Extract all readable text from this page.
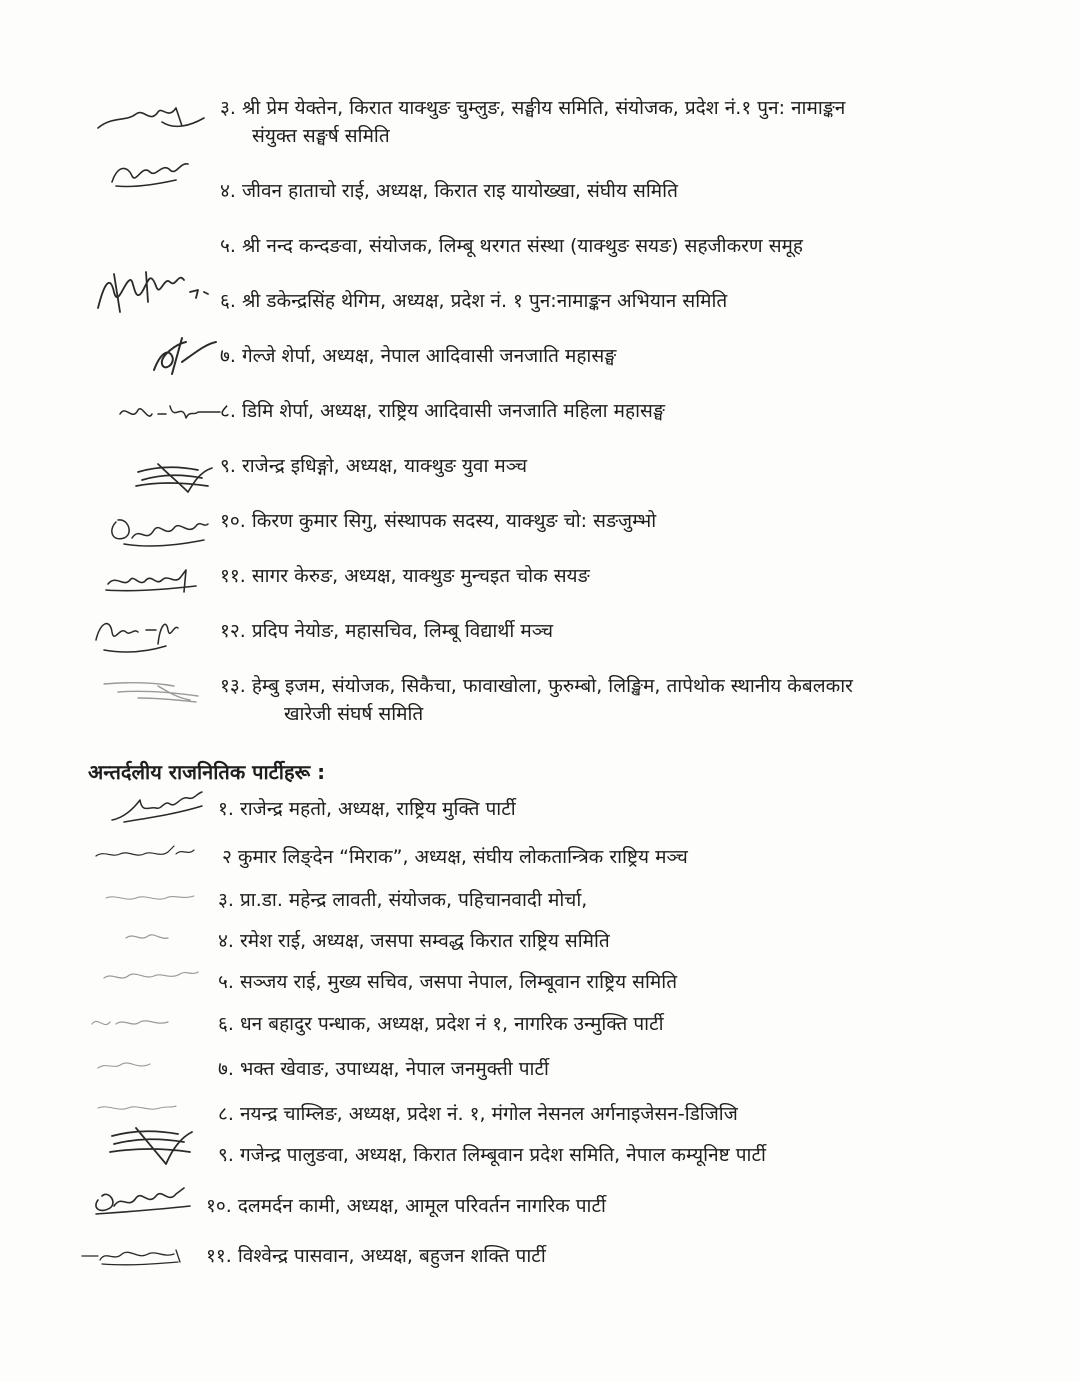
३. श्री प्रेम येक्तेन, किरात याक्थुङ चुम्लुङ, सङ्घीय समिति, संयोजक, प्रदेश नं.१ पुन: नामाङ्कन
संयुक्त सङ्घर्ष समिति
४. जीवन हाताचो राई, अध्यक्ष, किरात राइ यायोख्खा, संघीय समिति
५. श्री नन्द कन्दङवा, संयोजक, लिम्बू थरगत संस्था (याक्थुङ सयङ) सहजीकरण समूह
६. श्री डकेन्द्रसिंह थेगिम, अध्यक्ष, प्रदेश नं. १ पुन:नामाङ्कन अभियान समिति
७. गेल्जे शेर्पा, अध्यक्ष, नेपाल आदिवासी जनजाति महासङ्घ
८. डिमि शेर्पा, अध्यक्ष, राष्ट्रिय आदिवासी जनजाति महिला महासङ्घ
९. राजेन्द्र इधिङ्गो, अध्यक्ष, याक्थुङ युवा मञ्च
१०. किरण कुमार सिगु, संस्थापक सदस्य, याक्थुङ चो: सङजुम्भो
११. सागर केरुङ, अध्यक्ष, याक्थुङ मुन्चइत चोक सयङ
१२. प्रदिप नेयोङ, महासचिव, लिम्बू विद्यार्थी मञ्च
१३. हेम्बु इजम, संयोजक, सिकैचा, फावाखोला, फुरुम्बो, लिङ्खिम, तापेथोक स्थानीय केबलकार
खारेजी संघर्ष समिति
अन्तर्दलीय राजनितिक पार्टीहरू :
१. राजेन्द्र महतो, अध्यक्ष, राष्ट्रिय मुक्ति पार्टी
२ कुमार लिङ्देन “मिराक”, अध्यक्ष, संघीय लोकतान्त्रिक राष्ट्रिय मञ्च
३. प्रा.डा. महेन्द्र लावती, संयोजक, पहिचानवादी मोर्चा,
४. रमेश राई, अध्यक्ष, जसपा सम्वद्ध किरात राष्ट्रिय समिति
५. सञ्जय राई, मुख्य सचिव, जसपा नेपाल, लिम्बूवान राष्ट्रिय समिति
६. धन बहादुर पन्धाक, अध्यक्ष, प्रदेश नं १, नागरिक उन्मुक्ति पार्टी
७. भक्त खेवाङ, उपाध्यक्ष, नेपाल जनमुक्ती पार्टी
८. नयन्द्र चाम्लिङ, अध्यक्ष, प्रदेश नं. १, मंगोल नेसनल अर्गनाइजेसन-डिजिजि
९. गजेन्द्र पालुङवा, अध्यक्ष, किरात लिम्बूवान प्रदेश समिति, नेपाल कम्यूनिष्ट पार्टी
१०. दलमर्दन कामी, अध्यक्ष, आमूल परिवर्तन नागरिक पार्टी
११. विश्वेन्द्र पासवान, अध्यक्ष, बहुजन शक्ति पार्टी
